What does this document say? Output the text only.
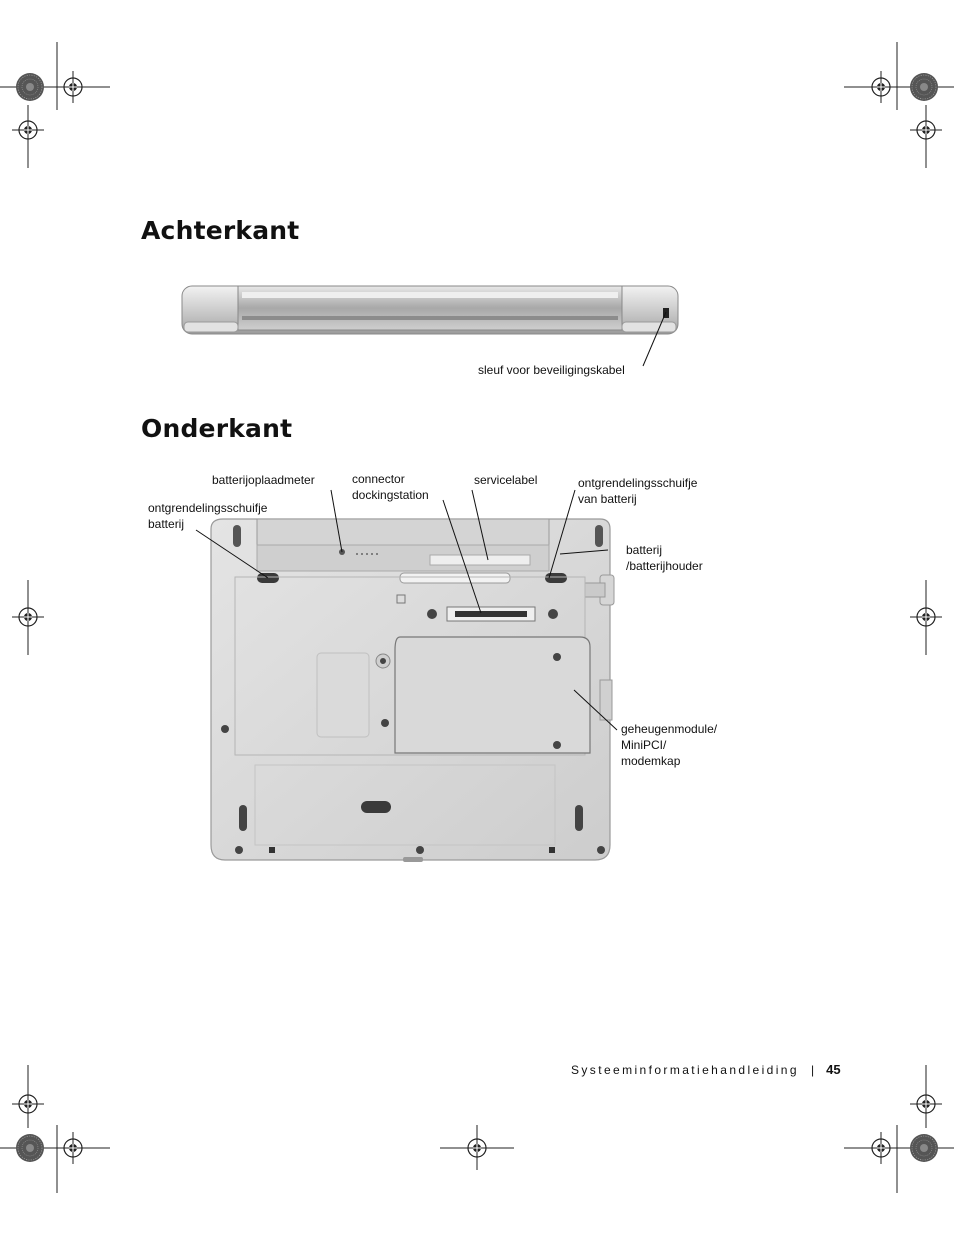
Achterkant
sleuf voor beveiligingskabel
Onderkant
batterijoplaadmeter	connector
dockingstation
servicelabel
ontgrendelingsschuifje
batterij
ontgrendelingsschuifje
van batterij
batterij
/batterijhouder
geheugenmodule/
MiniPCI/
modemkap
Systeeminformatiehandleiding | 45
